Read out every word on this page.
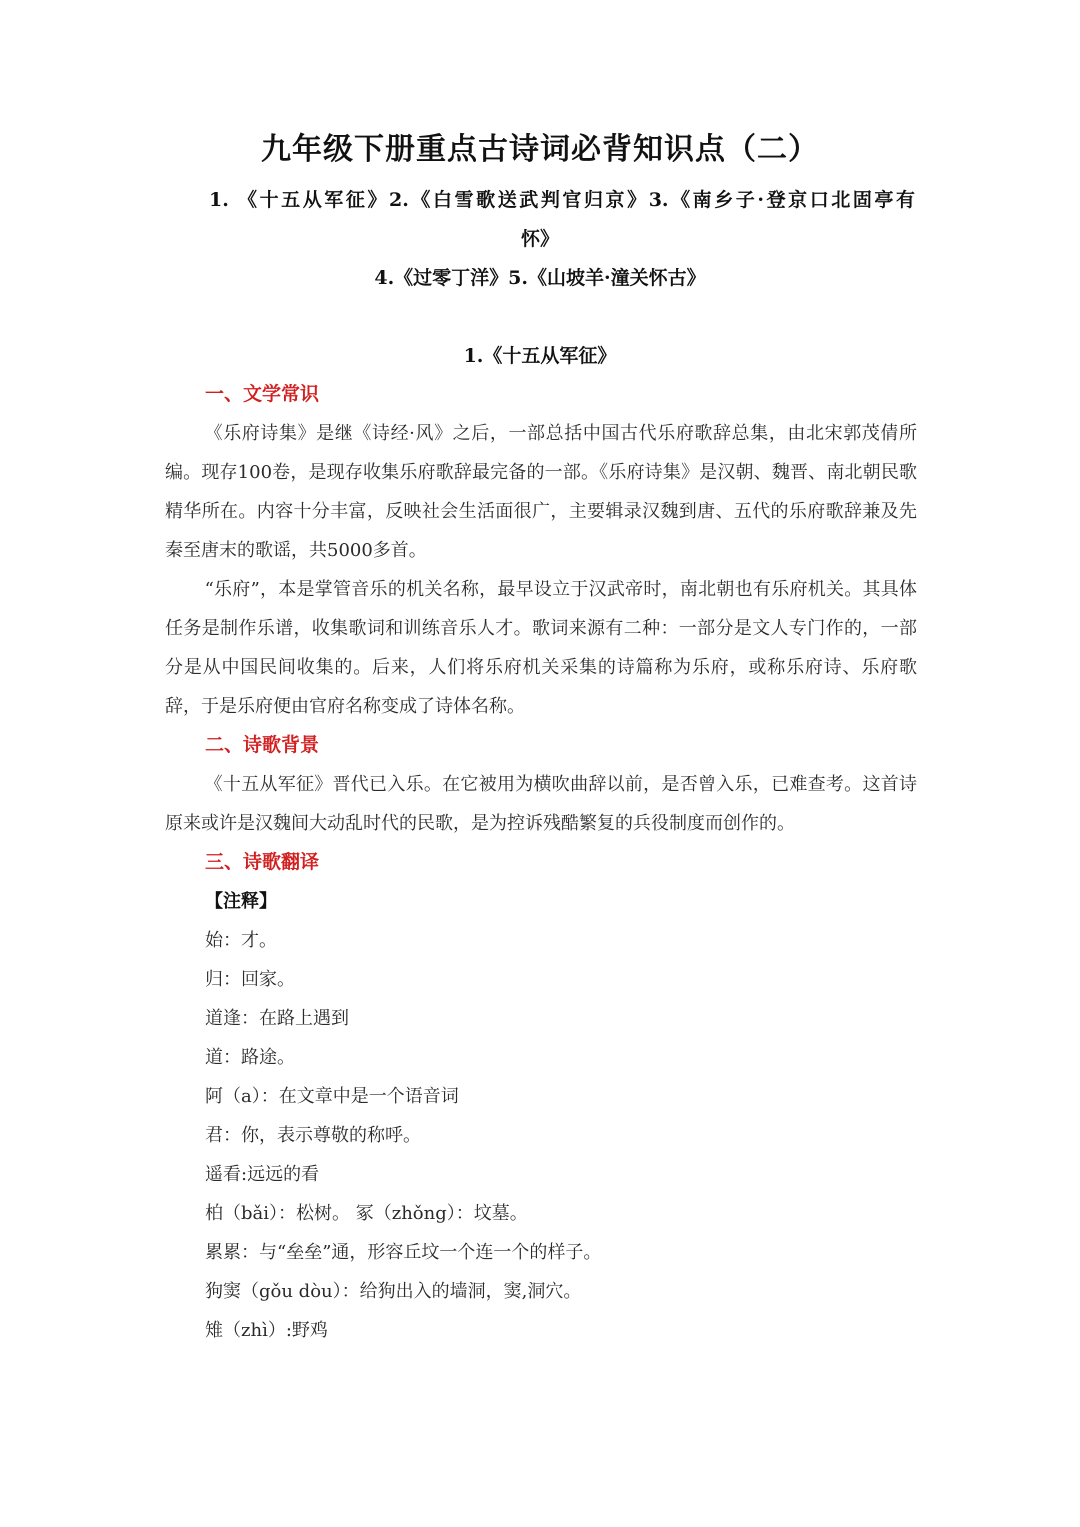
九年级下册重点古诗词必背知识点（二）
1. 《十五从军征》2.《白雪歌送武判官归京》3.《南乡子·登京口北固亭有
怀》
4.《过零丁洋》5.《山坡羊·潼关怀古》
1.《十五从军征》

一、文学常识

《乐府诗集》是继《诗经·风》之后，一部总括中国古代乐府歌辞总集，由北宋郭茂倩所编。现存100卷，是现存收集乐府歌辞最完备的一部。《乐府诗集》是汉朝、魏晋、南北朝民歌精华所在。内容十分丰富，反映社会生活面很广，主要辑录汉魏到唐、五代的乐府歌辞兼及先秦至唐末的歌谣，共5000多首。

“乐府”，本是掌管音乐的机关名称，最早设立于汉武帝时，南北朝也有乐府机关。其具体任务是制作乐谱，收集歌词和训练音乐人才。歌词来源有二种：一部分是文人专门作的，一部分是从中国民间收集的。后来，人们将乐府机关采集的诗篇称为乐府，或称乐府诗、乐府歌辞，于是乐府便由官府名称变成了诗体名称。

二、诗歌背景

《十五从军征》晋代已入乐。在它被用为横吹曲辞以前，是否曾入乐，已难查考。这首诗原来或许是汉魏间大动乱时代的民歌，是为控诉残酷繁复的兵役制度而创作的。

三、诗歌翻译

【注释】

始：才。

归：回家。

道逢：在路上遇到

道：路途。

阿（a）：在文章中是一个语音词

君：你，表示尊敬的称呼。

遥看:远远的看

柏（bǎi）：松树。 冢（zhǒng）：坟墓。

累累：与“垒垒”通，形容丘坟一个连一个的样子。

狗窦（gǒu dòu）：给狗出入的墙洞，窦,洞穴。

雉（zhì）:野鸡
